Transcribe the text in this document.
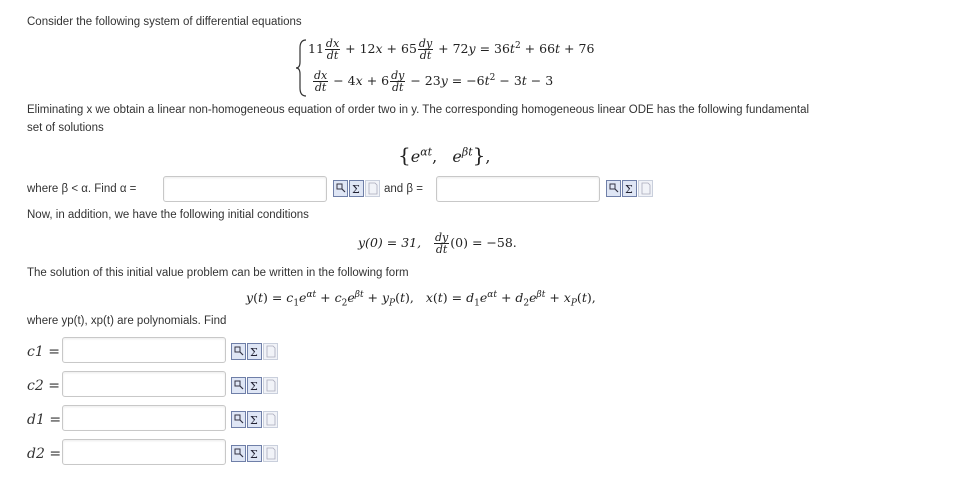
Consider the following system of differential equations
$11 \frac{dx}{dt} + 12x + 65 \frac{dy}{dt} + 72y = 36t^2 + 66t + 76$
$\frac{dx}{dt} - 4x + 6 \frac{dy}{dt} - 23y = -6t^2 - 3t - 3$
Eliminating x we obtain a linear non-homogeneous equation of order two in y. The corresponding homogeneous linear ODE has the following fundamental
set of solutions
{$e^{\alpha t}$,   $e^{\beta t}$},
where β < α. Find α =	Σ and β =	Σ
Now, in addition, we have the following initial conditions
y(0) = 31, $\frac{dy}{dt} (0) = -58$.
The solution of this initial value problem can be written in the following form
$y(t) = c_1e^{\alpha t} + c_2e^{\beta t} + y_P(t)$,   $x(t) = d_1e^{\alpha t} + d_2e^{\beta t} + x_P(t)$,
where yp(t), xp(t) are polynomials. Find
c1 =	Σ
c2 =	Σ
d1 =	Σ
d2 =	Σ
